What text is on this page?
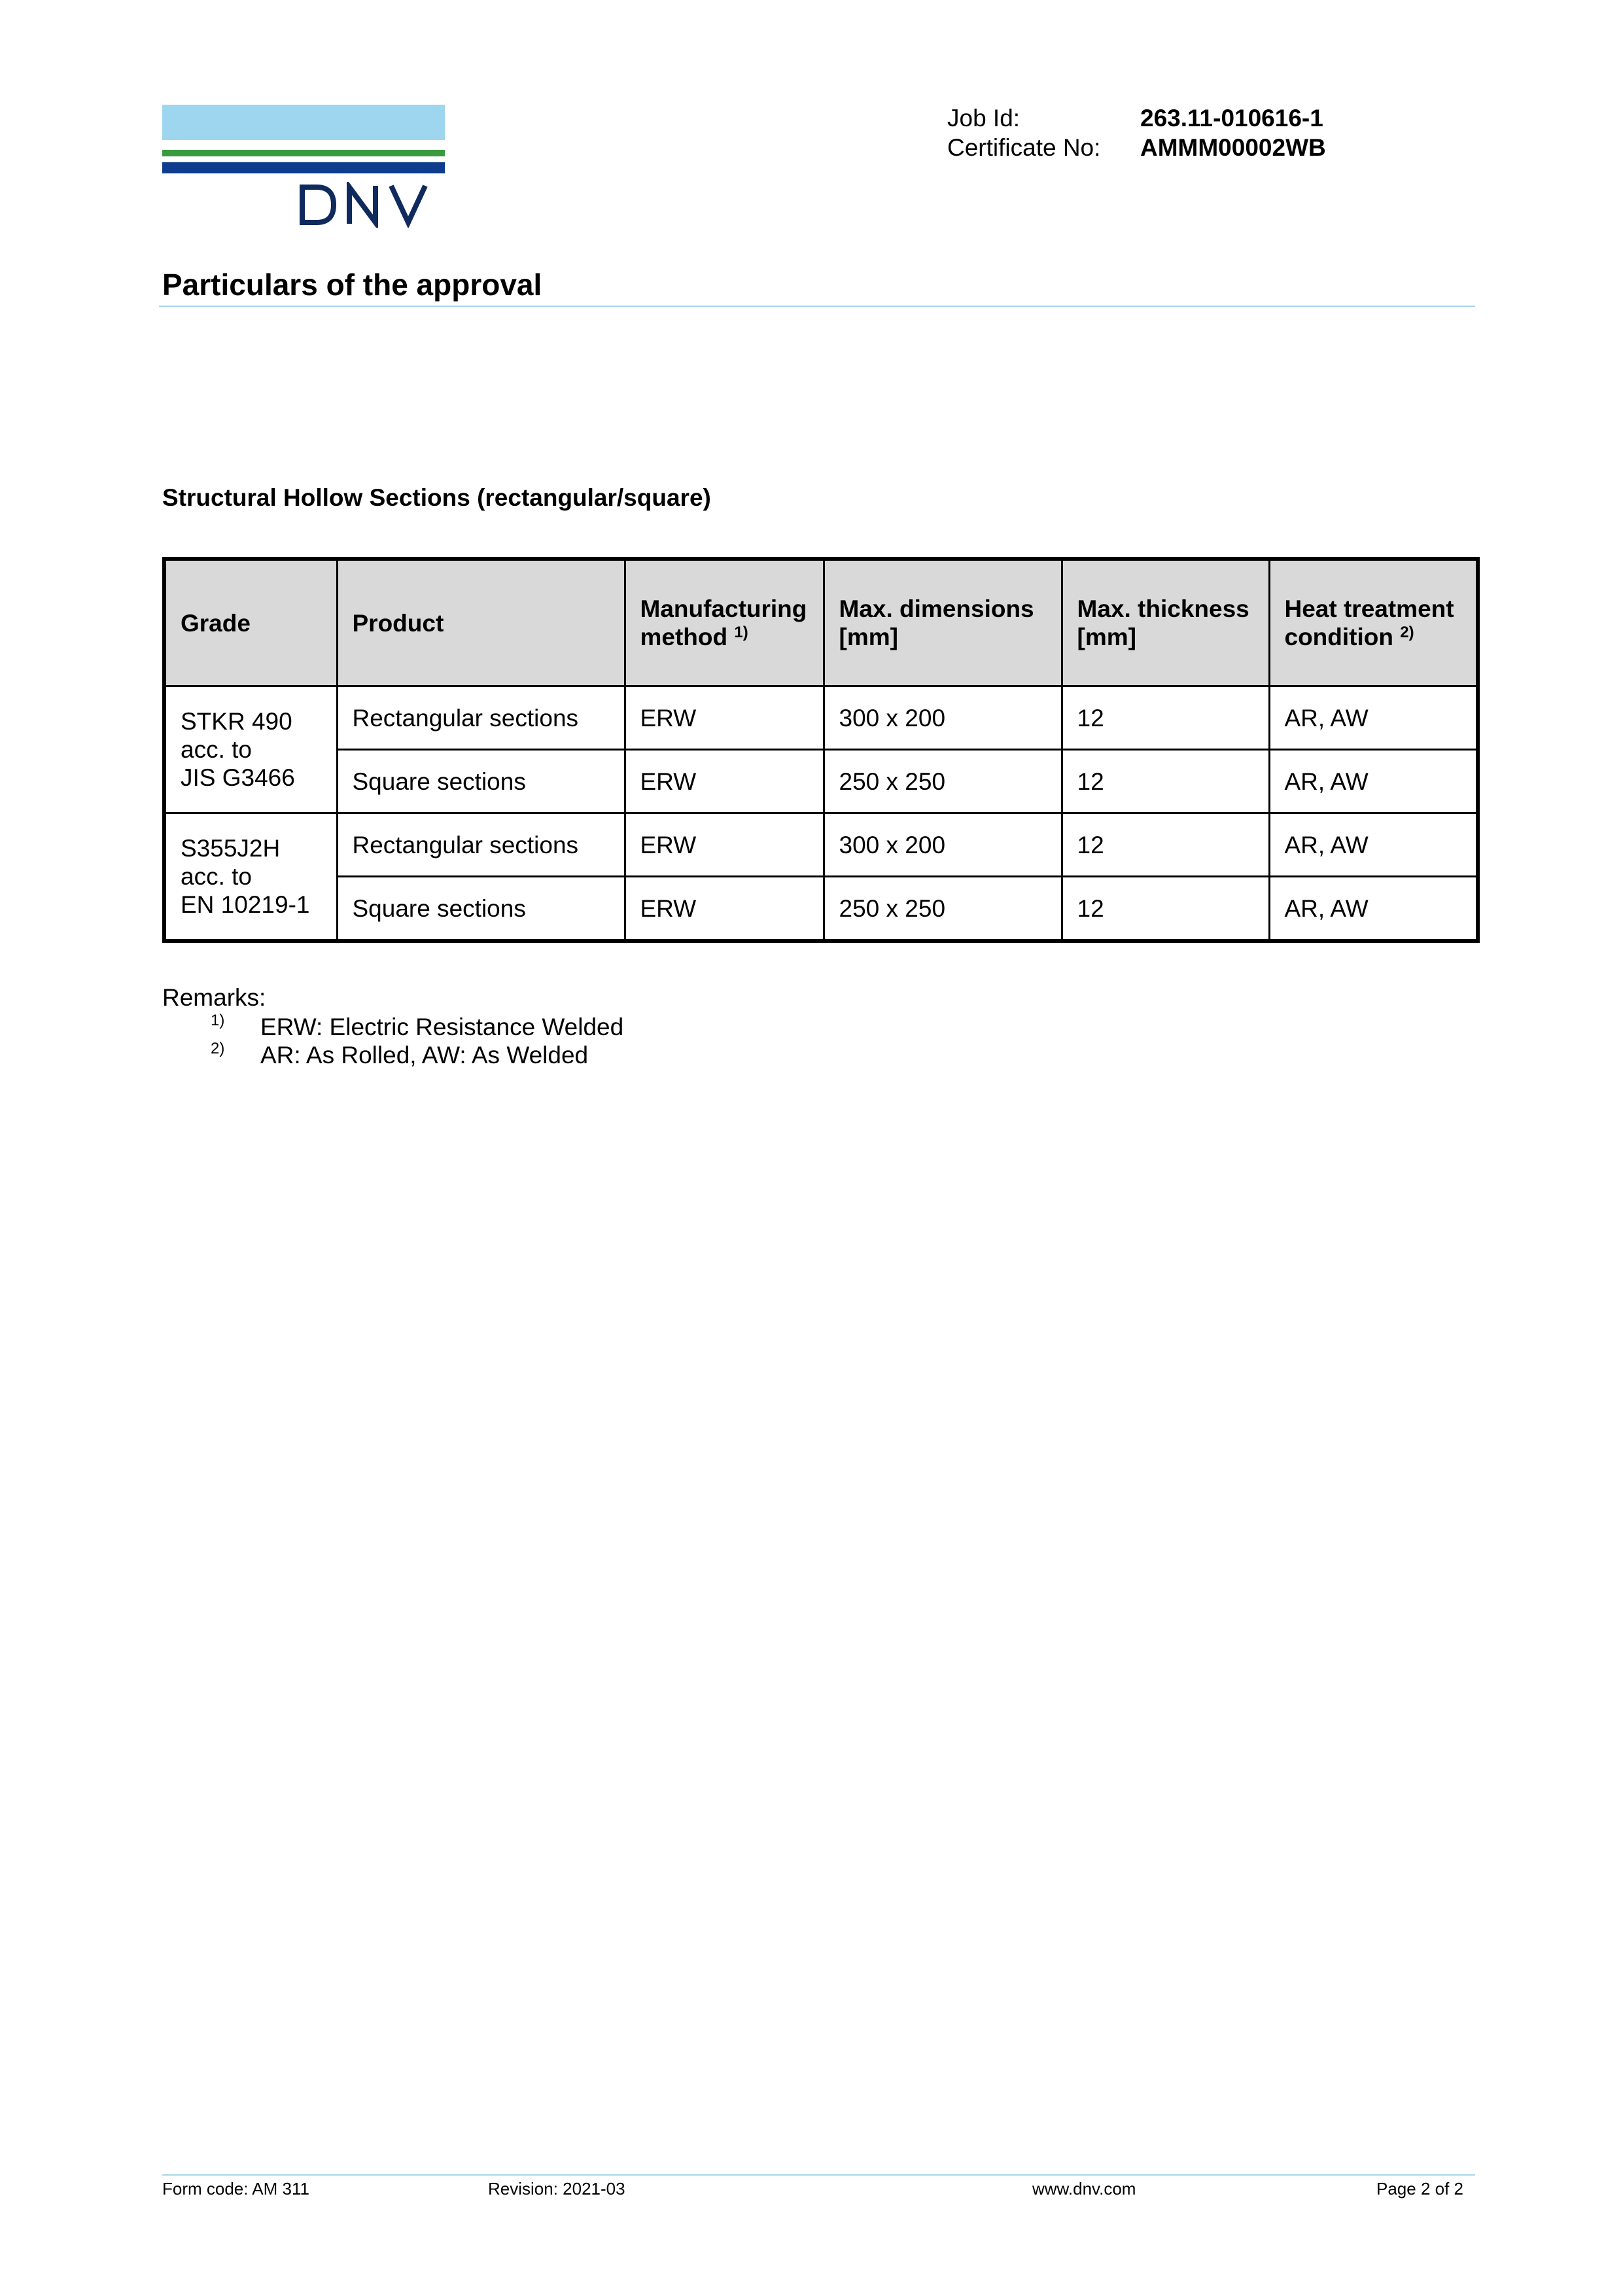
Job Id:	263.11-010616-1
Certificate No: AMMM00002WB
Particulars of the approval
Structural Hollow Sections (rectangular/square)
Grade	Product	Manufacturing method $^{1)}$	Max. dimensions [mm]	Max. thickness [mm]	Heat treatment condition $^{2)}$
STKR 490
acc. to
JIS G3466	Rectangular sections	ERW	300 x 200	12	AR, AW
	Square sections	ERW	250 x 250	12	AR, AW
S355J2H
acc. to
EN 10219-1	Rectangular sections	ERW	300 x 200	12	AR, AW
	Square sections	ERW	250 x 250	12	AR, AW
Remarks:
1) ERW: Electric Resistance Welded
2) AR: As Rolled, AW: As Welded
Form code: AM 311	Revision: 2021-03	www.dnv.com	Page 2 of 2
